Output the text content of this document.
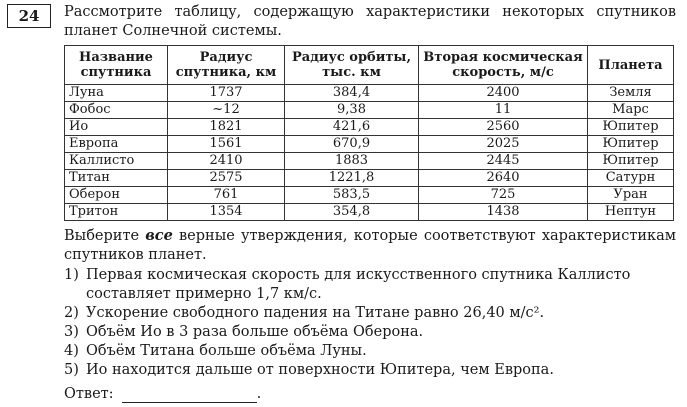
24 Рассмотрите таблицу, содержащую характеристики некоторых спутников планет Солнечной системы.
Название спутника	Радиус спутника, км	Радиус орбиты, тыс. км	Вторая космическая скорость, м/с	Планета
Луна	1737	384,4	2400	Земля
Фобос	~12	9,38	11	Марс
Ио	1821	421,6	2560	Юпитер
Европа	1561	670,9	2025	Юпитер
Каллисто	2410	1883	2445	Юпитер
Титан	2575	1221,8	2640	Сатурн
Оберон	761	583,5	725	Уран
Тритон	1354	354,8	1438	Нептун
Выберите все верные утверждения, которые соответствуют характеристикам спутников планет.
1) Первая космическая скорость для искусственного спутника Каллисто составляет примерно 1,7 км/с.
2) Ускорение свободного падения на Титане равно 26,40 м/с².
3) Объём Ио в 3 раза больше объёма Оберона.
4) Объём Титана больше объёма Луны.
5) Ио находится дальше от поверхности Юпитера, чем Европа.
Ответ:	.
